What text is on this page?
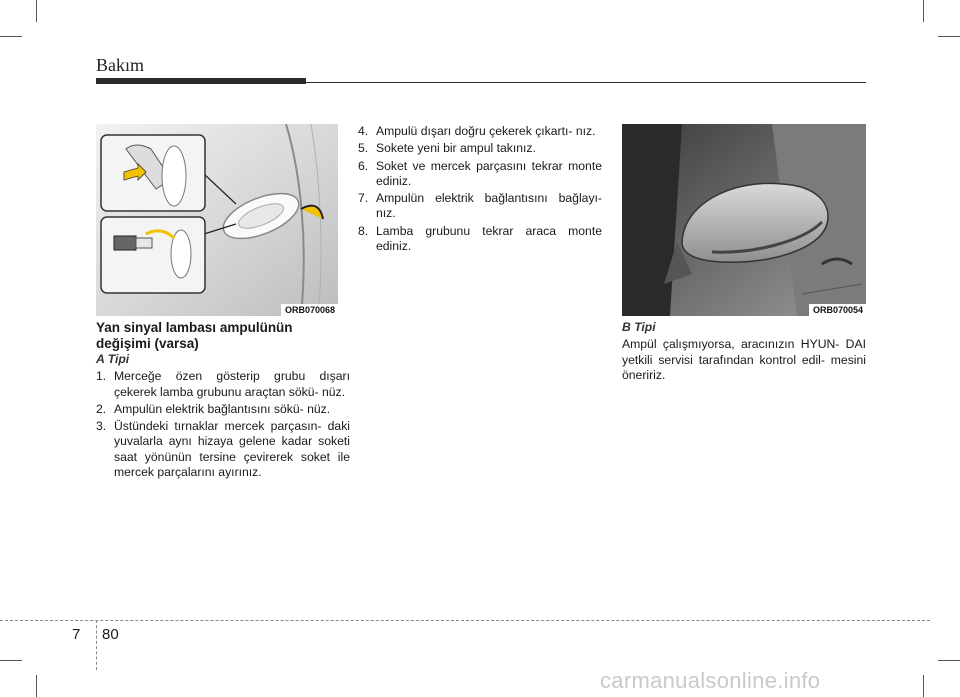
Bakım
ORB070068	ORB070054

Yan sinyal lambası ampulünün değişimi (varsa)

A Tipi

1. Merceğe özen gösterip grubu dışarı çekerek lamba grubunu araçtan sökü- nüz.
2. Ampulün elektrik bağlantısını sökü- nüz.
3. Üstündeki tırnaklar mercek parçasın- daki yuvalarla aynı hizaya gelene kadar soketi saat yönünün tersine çevirerek soket ile mercek parçalarını ayırınız.
4. Ampulü dışarı doğru çekerek çıkartı- nız.
5. Sokete yeni bir ampul takınız.
6. Soket ve mercek parçasını tekrar monte ediniz.
7. Ampulün elektrik bağlantısını bağlayı- nız.
8. Lamba grubunu tekrar araca monte ediniz.

B Tipi

Ampül çalışmıyorsa, aracınızın HYUN- DAI yetkili servisi tarafından kontrol edil- mesini öneririz.

7 80
carmanualsonline.info
